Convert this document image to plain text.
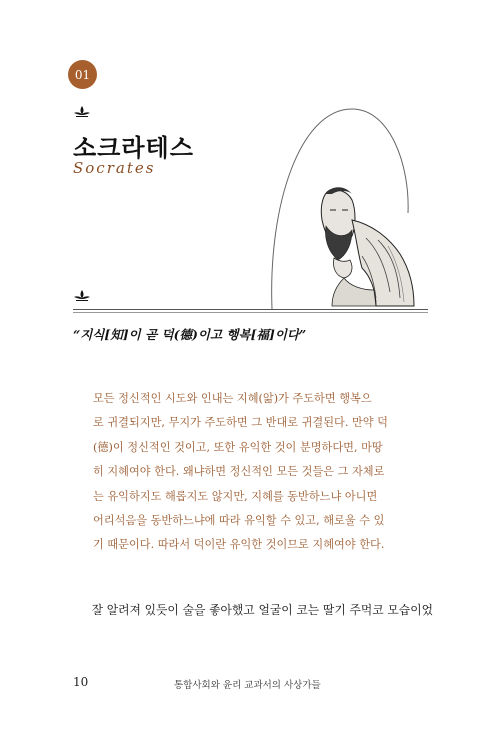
01
소크라테스
Socrates
“지식[知]이 곧 덕(德)이고 행복[福]이다”
모든 정신적인 시도와 인내는 지혜(앎)가 주도하면 행복으
로 귀결되지만, 무지가 주도하면 그 반대로 귀결된다. 만약 덕
(德)이 정신적인 것이고, 또한 유익한 것이 분명하다면, 마땅
히 지혜여야 한다. 왜냐하면 정신적인 모든 것들은 그 자체로
는 유익하지도 해롭지도 않지만, 지혜를 동반하느냐 아니면
어리석음을 동반하느냐에 따라 유익할 수 있고, 해로울 수 있
기 때문이다. 따라서 덕이란 유익한 것이므로 지혜여야 한다.
잘 알려져 있듯이 술을 좋아했고 얼굴이 코는 딸기 주먹코 모습이었
10	통합사회와 윤리 교과서의 사상가들
